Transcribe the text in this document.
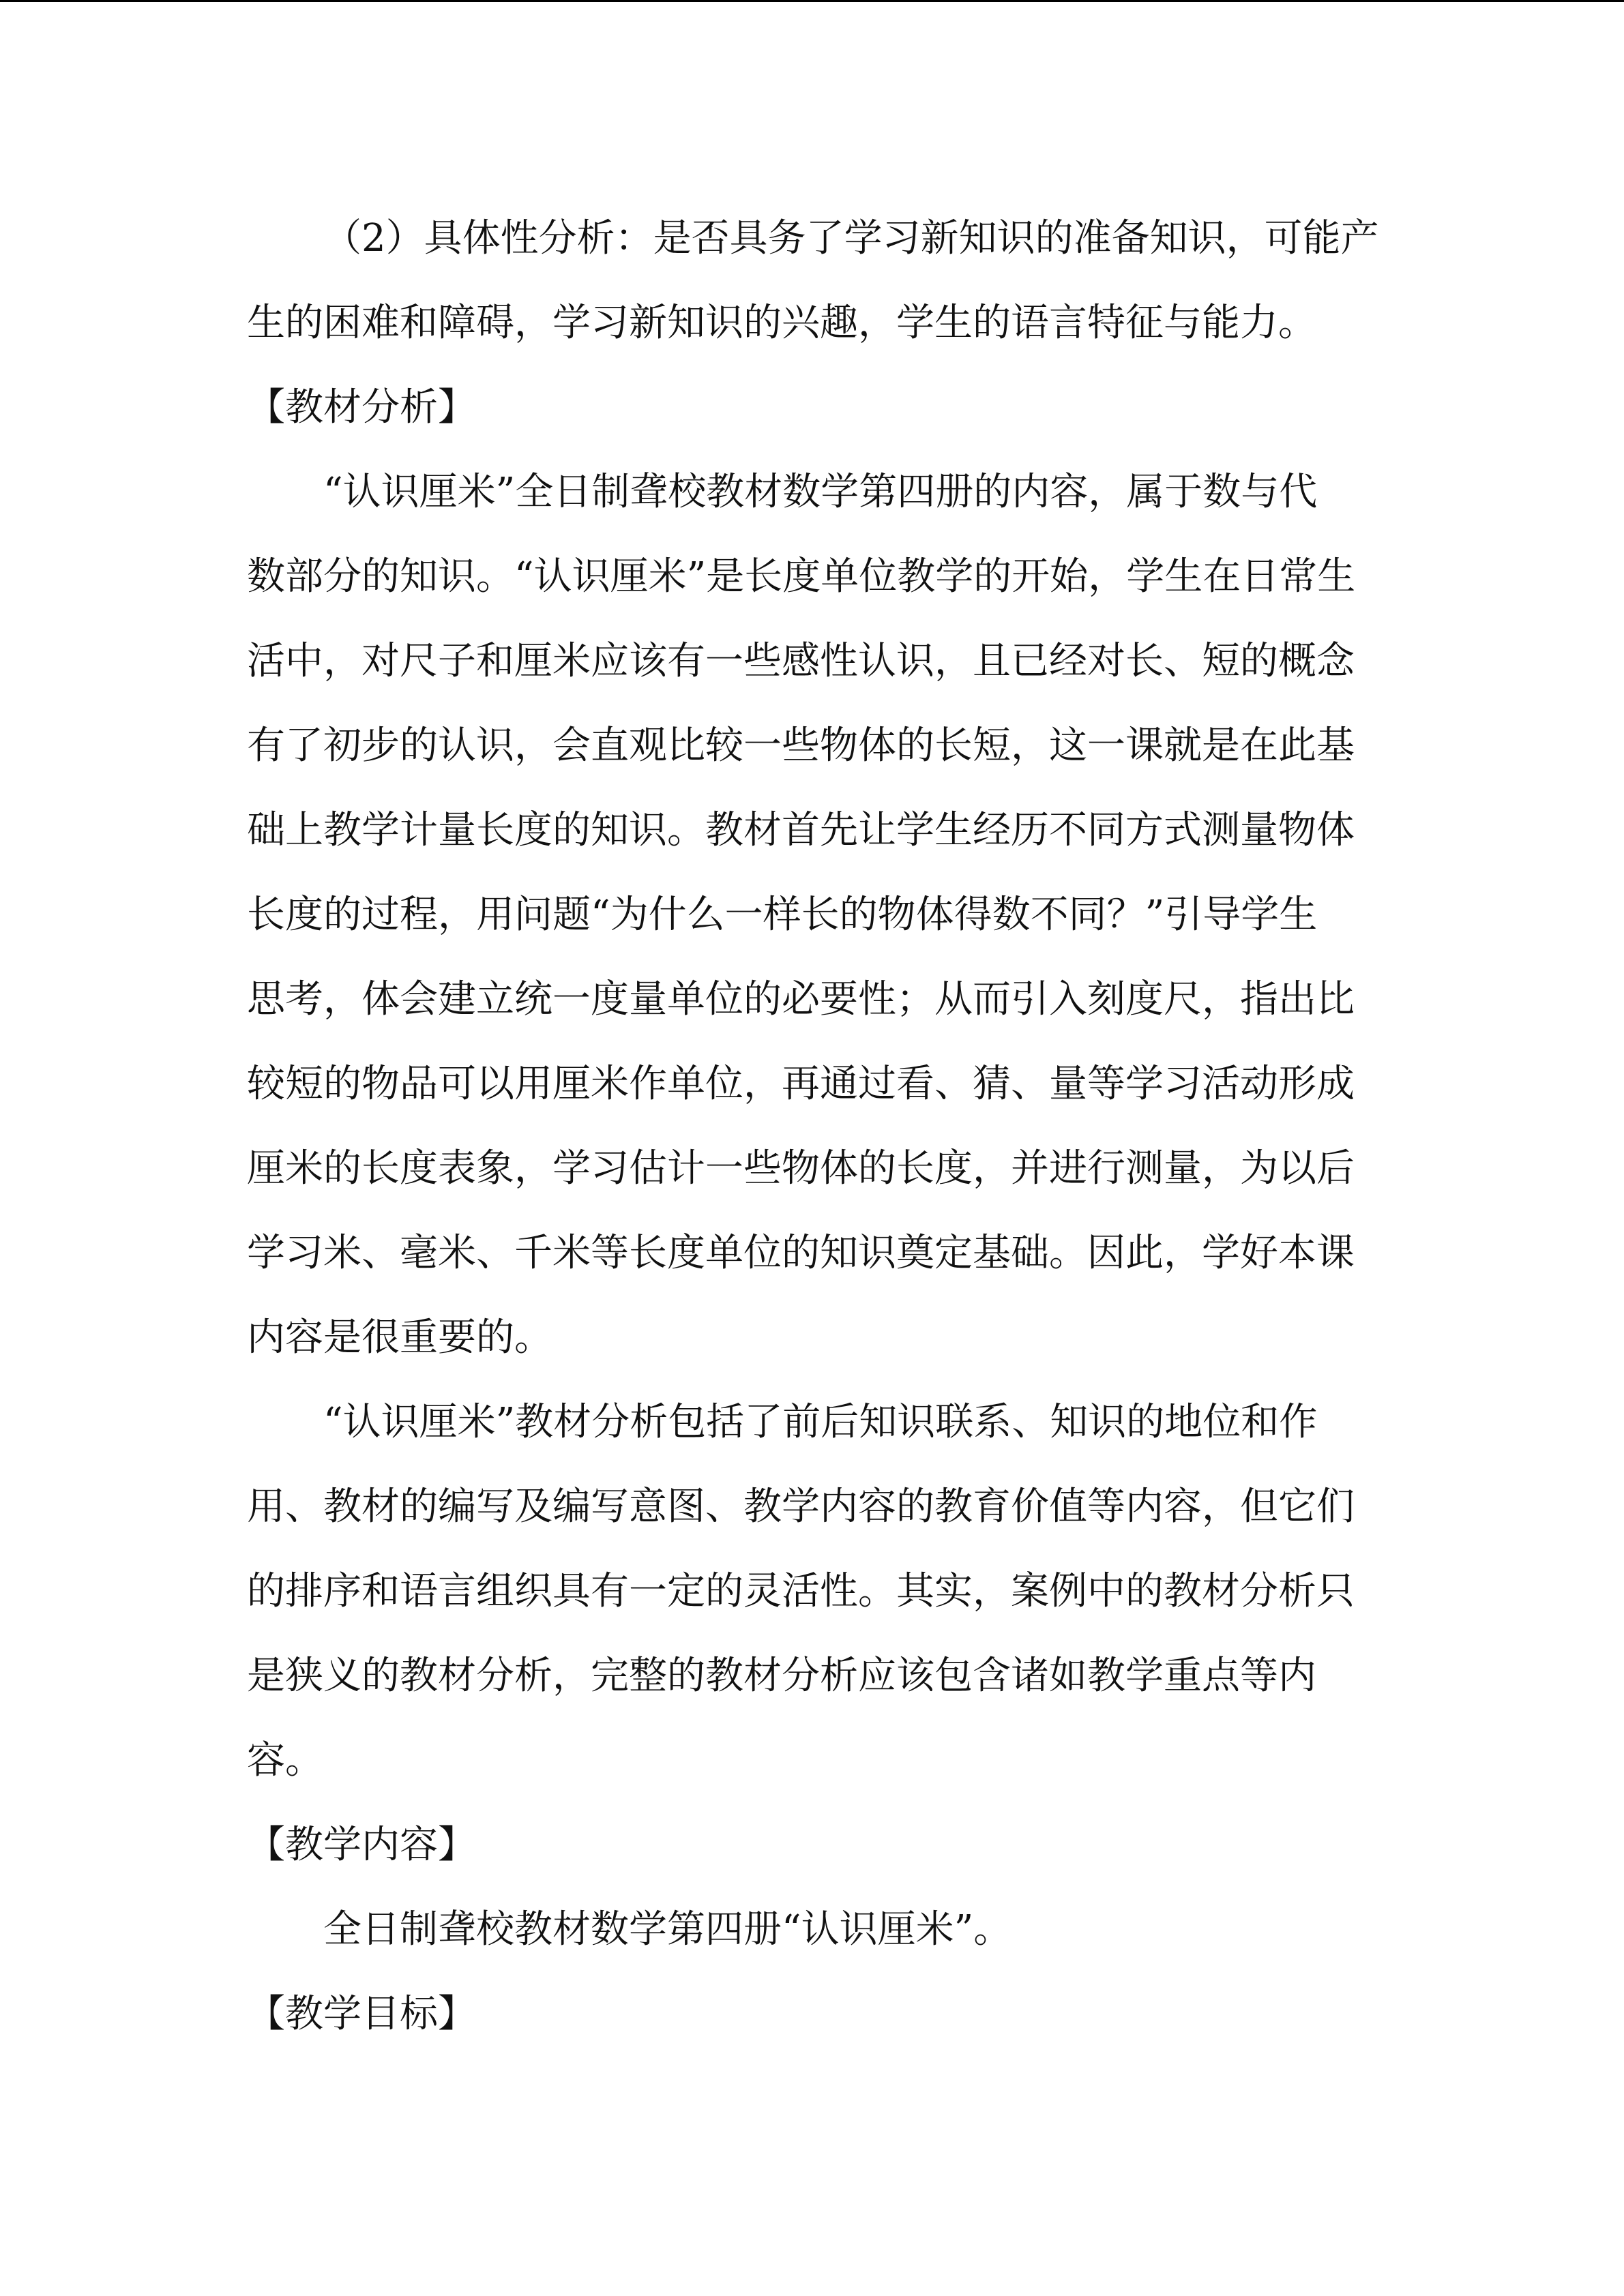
（2）具体性分析：是否具务了学习新知识的准备知识，可能产
生的困难和障碍，学习新知识的兴趣，学生的语言特征与能力。
【教材分析】
“认识厘米”全日制聋校教材数学第四册的内容，属于数与代
数部分的知识。“认识厘米”是长度单位教学的开始，学生在日常生
活中，对尺子和厘米应该有一些感性认识，且已经对长、短的概念
有了初步的认识，会直观比较一些物体的长短，这一课就是在此基
础上教学计量长度的知识。教材首先让学生经历不同方式测量物体
长度的过程，用问题“为什么一样长的物体得数不同？”引导学生
思考，体会建立统一度量单位的必要性；从而引入刻度尺，指出比
较短的物品可以用厘米作单位，再通过看、猜、量等学习活动形成
厘米的长度表象，学习估计一些物体的长度，并进行测量，为以后
学习米、毫米、千米等长度单位的知识奠定基础。因此，学好本课
内容是很重要的。
“认识厘米”教材分析包括了前后知识联系、知识的地位和作
用、教材的编写及编写意图、教学内容的教育价值等内容，但它们
的排序和语言组织具有一定的灵活性。其实，案例中的教材分析只
是狭义的教材分析，完整的教材分析应该包含诸如教学重点等内
容。
【教学内容】
全日制聋校教材数学第四册“认识厘米”。
【教学目标】
